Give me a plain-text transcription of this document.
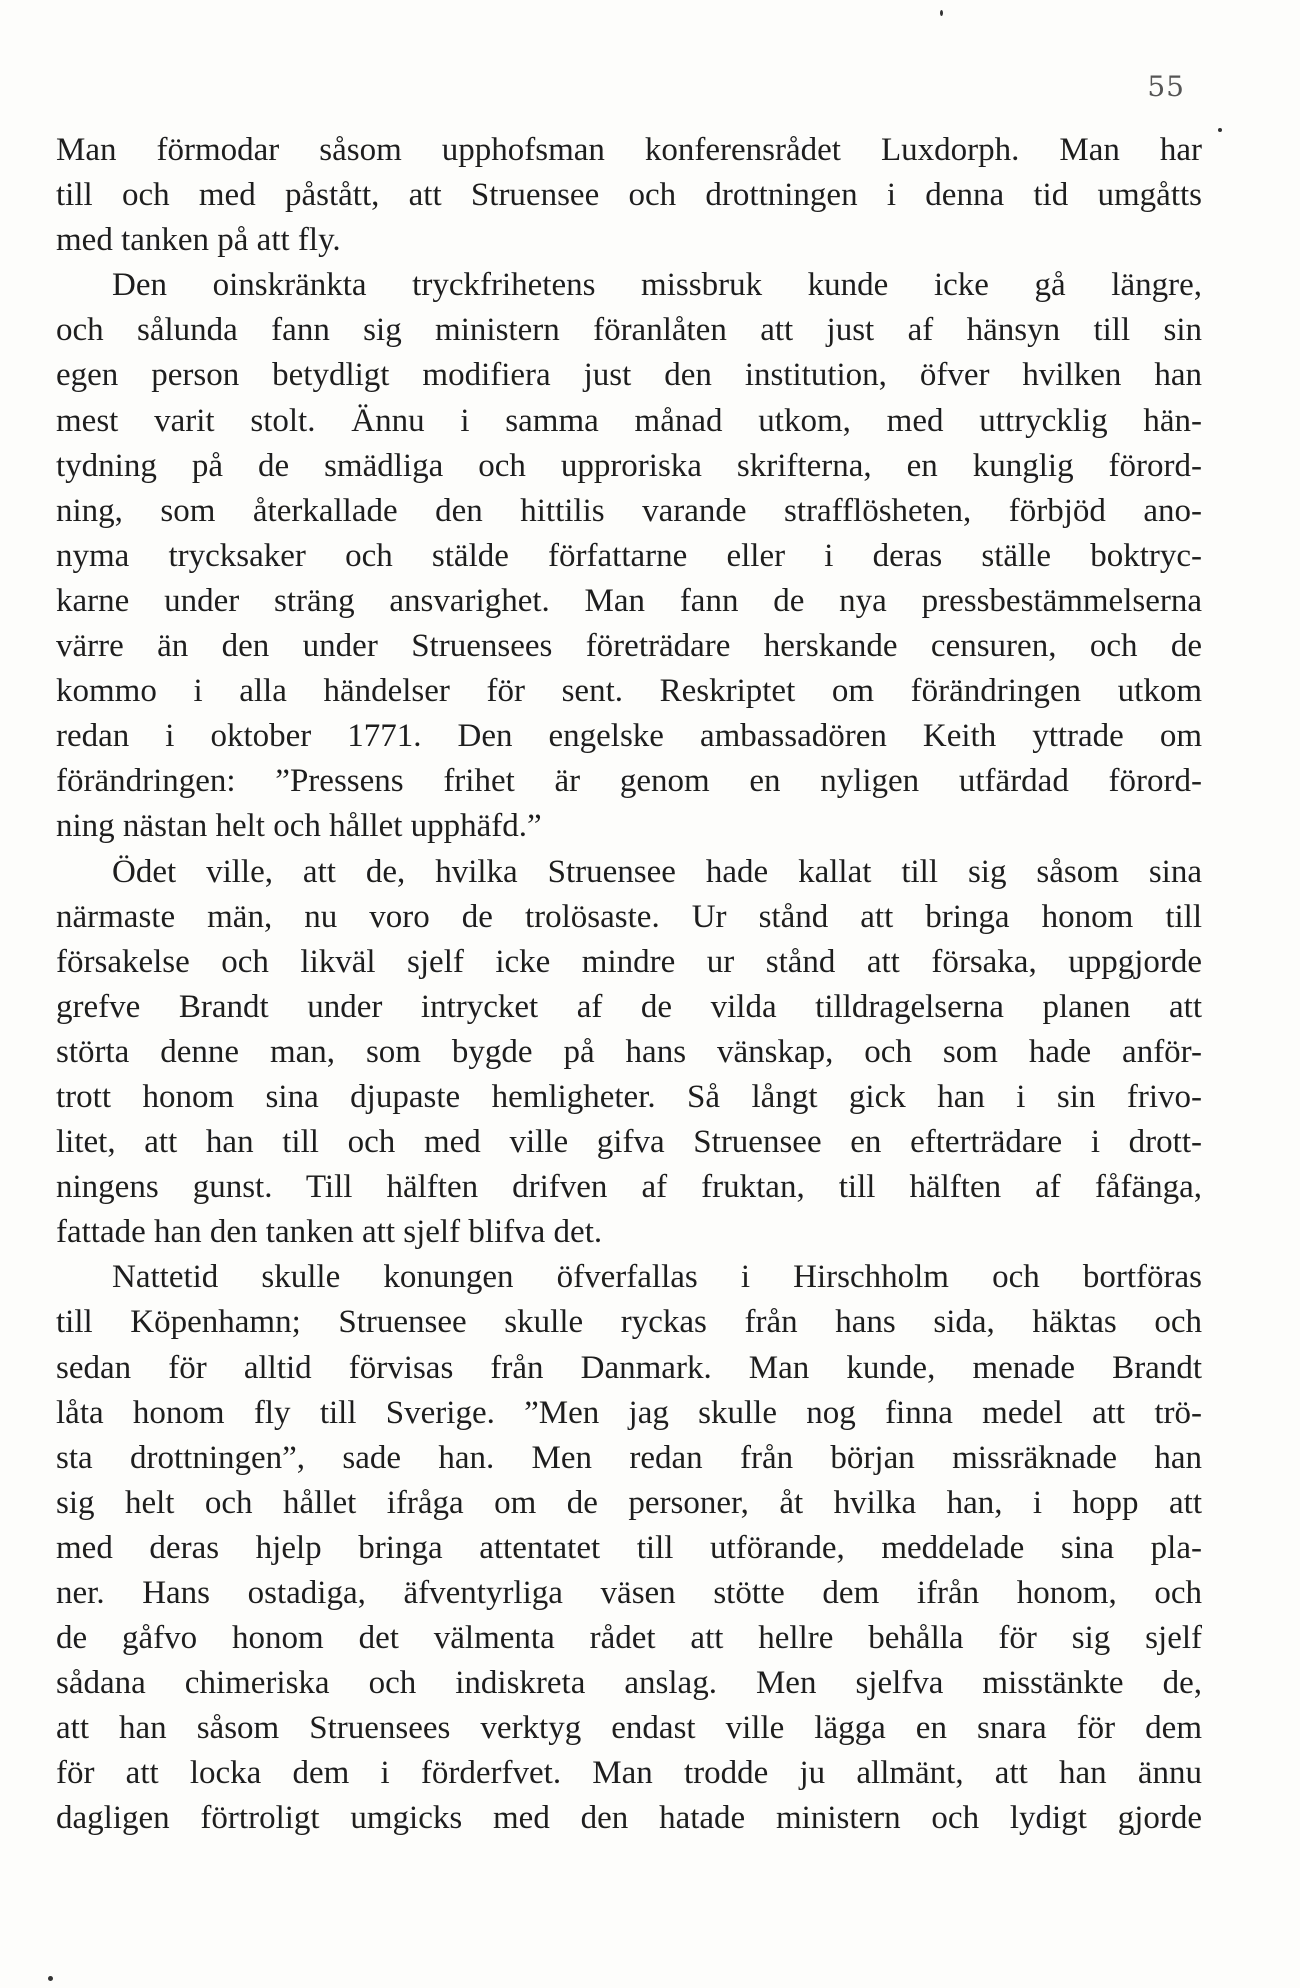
55
Man förmodar såsom upphofsman konferensrådet Luxdorph. Man har
till och med påstått, att Struensee och drottningen i denna tid umgåtts
med tanken på att fly.
Den oinskränkta tryckfrihetens missbruk kunde icke gå längre,
och sålunda fann sig ministern föranlåten att just af hänsyn till sin
egen person betydligt modifiera just den institution, öfver hvilken han
mest varit stolt. Ännu i samma månad utkom, med uttrycklig hän-
tydning på de smädliga och upproriska skrifterna, en kunglig förord-
ning, som återkallade den hittilis varande strafflösheten, förbjöd ano-
nyma trycksaker och stälde författarne eller i deras ställe boktryc-
karne under sträng ansvarighet. Man fann de nya pressbestämmelserna
värre än den under Struensees företrädare herskande censuren, och de
kommo i alla händelser för sent. Reskriptet om förändringen utkom
redan i oktober 1771. Den engelske ambassadören Keith yttrade om
förändringen: ”Pressens frihet är genom en nyligen utfärdad förord-
ning nästan helt och hållet upphäfd.”
Ödet ville, att de, hvilka Struensee hade kallat till sig såsom sina
närmaste män, nu voro de trolösaste. Ur stånd att bringa honom till
försakelse och likväl sjelf icke mindre ur stånd att försaka, uppgjorde
grefve Brandt under intrycket af de vilda tilldragelserna planen att
störta denne man, som bygde på hans vänskap, och som hade anför-
trott honom sina djupaste hemligheter. Så långt gick han i sin frivo-
litet, att han till och med ville gifva Struensee en efterträdare i drott-
ningens gunst. Till hälften drifven af fruktan, till hälften af fåfänga,
fattade han den tanken att sjelf blifva det.
Nattetid skulle konungen öfverfallas i Hirschholm och bortföras
till Köpenhamn; Struensee skulle ryckas från hans sida, häktas och
sedan för alltid förvisas från Danmark. Man kunde, menade Brandt
låta honom fly till Sverige. ”Men jag skulle nog finna medel att trö-
sta drottningen”, sade han. Men redan från början missräknade han
sig helt och hållet ifråga om de personer, åt hvilka han, i hopp att
med deras hjelp bringa attentatet till utförande, meddelade sina pla-
ner. Hans ostadiga, äfventyrliga väsen stötte dem ifrån honom, och
de gåfvo honom det välmenta rådet att hellre behålla för sig sjelf
sådana chimeriska och indiskreta anslag. Men sjelfva misstänkte de,
att han såsom Struensees verktyg endast ville lägga en snara för dem
för att locka dem i förderfvet. Man trodde ju allmänt, att han ännu
dagligen förtroligt umgicks med den hatade ministern och lydigt gjorde
